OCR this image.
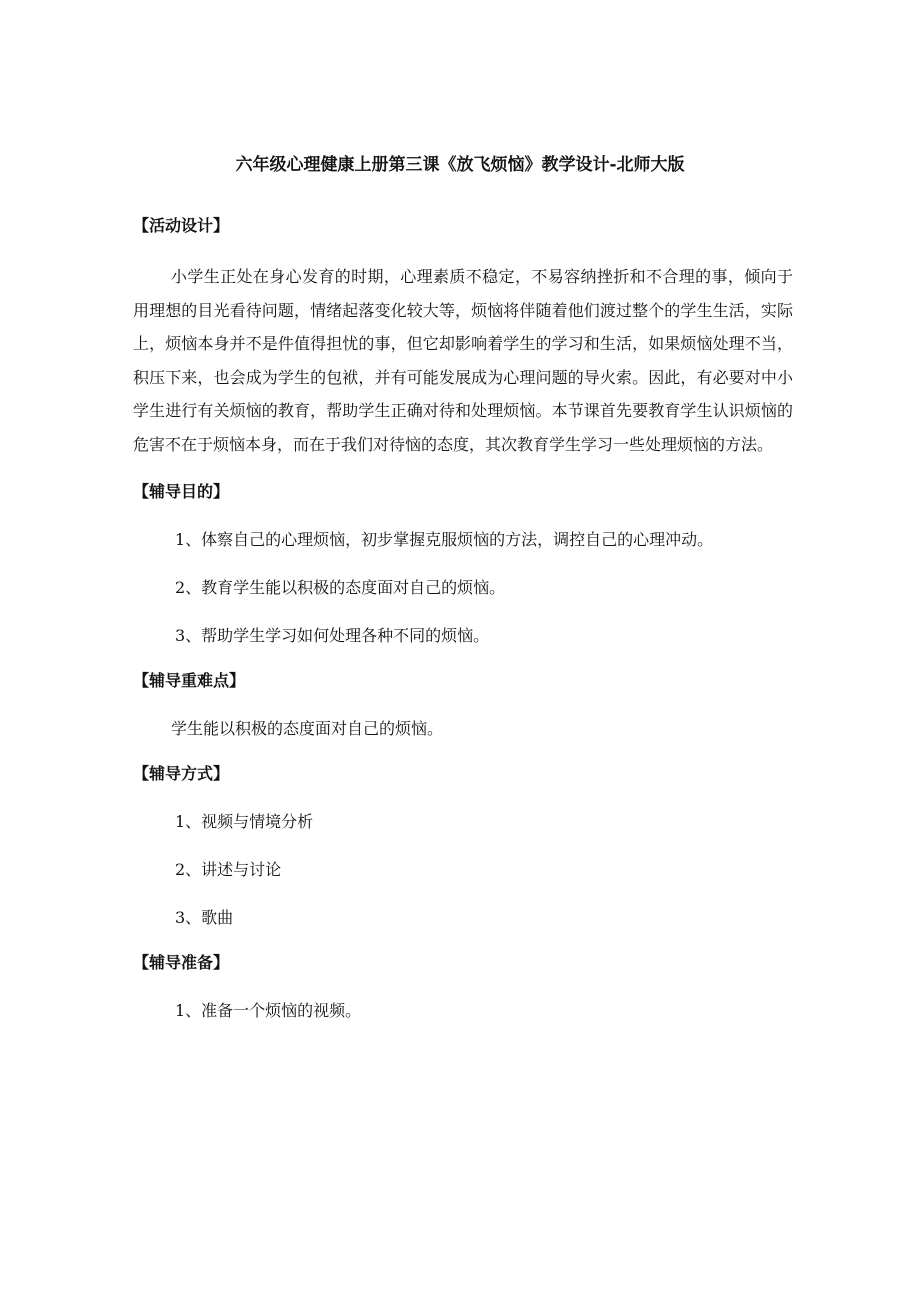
六年级心理健康上册第三课《放飞烦恼》教学设计-北师大版

【活动设计】

小学生正处在身心发育的时期，心理素质不稳定，不易容纳挫折和不合理的事，倾向于用理想的目光看待问题，情绪起落变化较大等，烦恼将伴随着他们渡过整个的学生生活，实际上，烦恼本身并不是件值得担忧的事，但它却影响着学生的学习和生活，如果烦恼处理不当，积压下来，也会成为学生的包袱，并有可能发展成为心理问题的导火索。因此，有必要对中小学生进行有关烦恼的教育，帮助学生正确对待和处理烦恼。本节课首先要教育学生认识烦恼的危害不在于烦恼本身，而在于我们对待恼的态度，其次教育学生学习一些处理烦恼的方法。

【辅导目的】

1、体察自己的心理烦恼，初步掌握克服烦恼的方法，调控自己的心理冲动。
2、教育学生能以积极的态度面对自己的烦恼。
3、帮助学生学习如何处理各种不同的烦恼。

【辅导重难点】

学生能以积极的态度面对自己的烦恼。

【辅导方式】

1、视频与情境分析
2、讲述与讨论
3、歌曲

【辅导准备】

1、准备一个烦恼的视频。
